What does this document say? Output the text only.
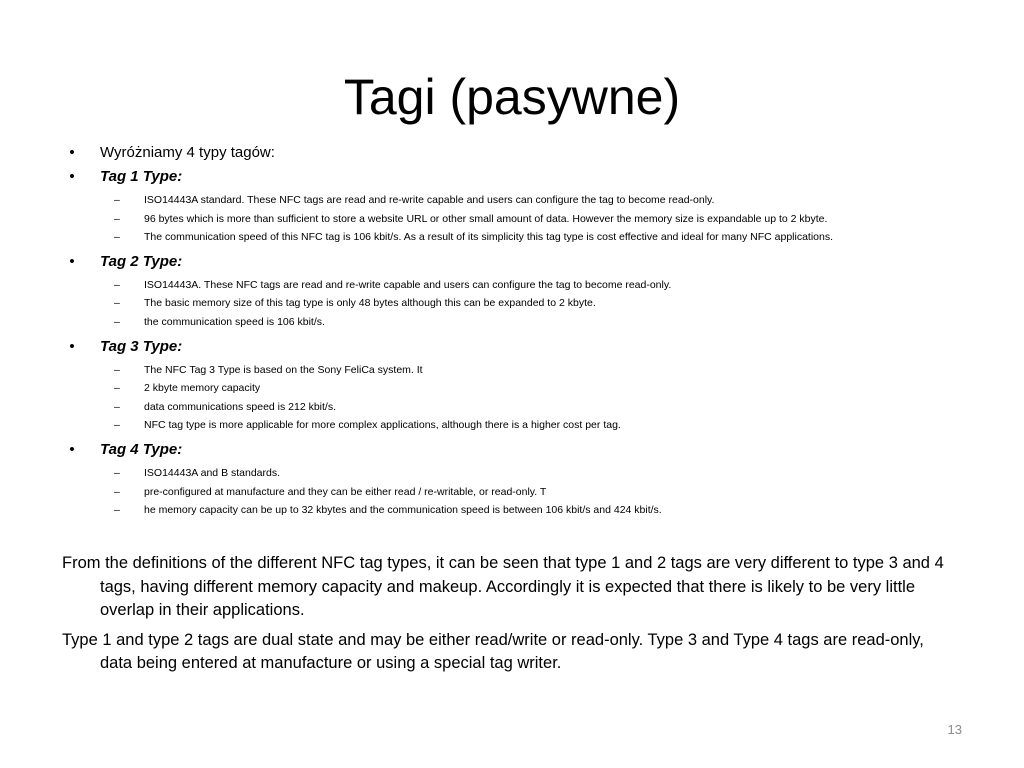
Tagi (pasywne)
•	Wyróżniamy 4 typy tagów:
•	Tag 1 Type:
– ISO14443A standard. These NFC tags are read and re-write capable and users can configure the tag to become read-only.
– 96 bytes which is more than sufficient to store a website URL or other small amount of data. However the memory size is expandable up to 2 kbyte.
– The communication speed of this NFC tag is 106 kbit/s. As a result of its simplicity this tag type is cost effective and ideal for many NFC applications.
•	Tag 2 Type:
– ISO14443A. These NFC tags are read and re-write capable and users can configure the tag to become read-only.
– The basic memory size of this tag type is only 48 bytes although this can be expanded to 2 kbyte.
– the communication speed is 106 kbit/s.
•	Tag 3 Type:
– The NFC Tag 3 Type is based on the Sony FeliCa system. It
– 2 kbyte memory capacity
– data communications speed is 212 kbit/s.
– NFC tag type is more applicable for more complex applications, although there is a higher cost per tag.
•	Tag 4 Type:
– ISO14443A and B standards.
– pre-configured at manufacture and they can be either read / re-writable, or read-only. T
– he memory capacity can be up to 32 kbytes and the communication speed is between 106 kbit/s and 424 kbit/s.

From the definitions of the different NFC tag types, it can be seen that type 1 and 2 tags are very different to type 3 and 4 tags, having different memory capacity and makeup. Accordingly it is expected that there is likely to be very little overlap in their applications.

Type 1 and type 2 tags are dual state and may be either read/write or read-only. Type 3 and Type 4 tags are read-only, data being entered at manufacture or using a special tag writer.

13
